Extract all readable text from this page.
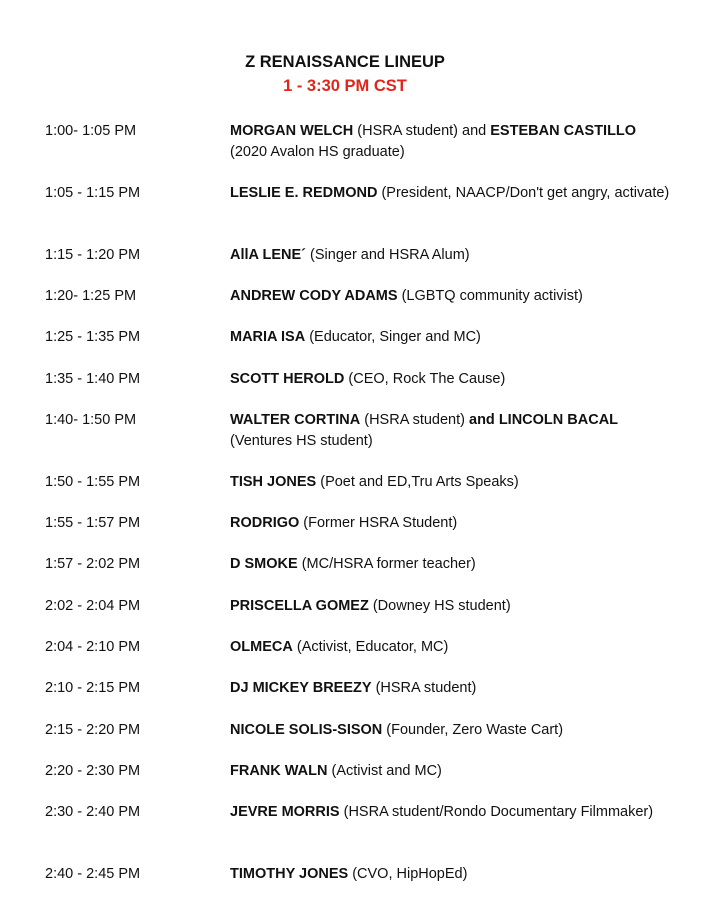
Z RENAISSANCE LINEUP
1 - 3:30 PM CST
1:00- 1:05 PM	MORGAN WELCH (HSRA student) and ESTEBAN CASTILLO (2020 Avalon HS graduate)
1:05 - 1:15 PM	LESLIE E. REDMOND (President, NAACP/Don't get angry, activate)
1:15 - 1:20 PM	AllA LENE´ (Singer and HSRA Alum)
1:20- 1:25 PM	ANDREW CODY ADAMS (LGBTQ community activist)
1:25 - 1:35 PM	MARIA ISA (Educator, Singer and MC)
1:35 - 1:40 PM	SCOTT HEROLD (CEO, Rock The Cause)
1:40- 1:50 PM	WALTER CORTINA (HSRA student) and LINCOLN BACAL (Ventures HS student)
1:50 - 1:55 PM	TISH JONES (Poet and ED,Tru Arts Speaks)
1:55 - 1:57 PM	RODRIGO (Former HSRA Student)
1:57 - 2:02 PM	D SMOKE (MC/HSRA former teacher)
2:02 - 2:04 PM	PRISCELLA GOMEZ (Downey HS student)
2:04 - 2:10 PM	OLMECA (Activist, Educator, MC)
2:10 - 2:15 PM	DJ MICKEY BREEZY (HSRA student)
2:15 - 2:20 PM	NICOLE SOLIS-SISON (Founder, Zero Waste Cart)
2:20 - 2:30 PM	FRANK WALN (Activist and MC)
2:30 - 2:40 PM	JEVRE MORRIS (HSRA student/Rondo Documentary Filmmaker)
2:40 - 2:45 PM	TIMOTHY JONES (CVO, HipHopEd)
